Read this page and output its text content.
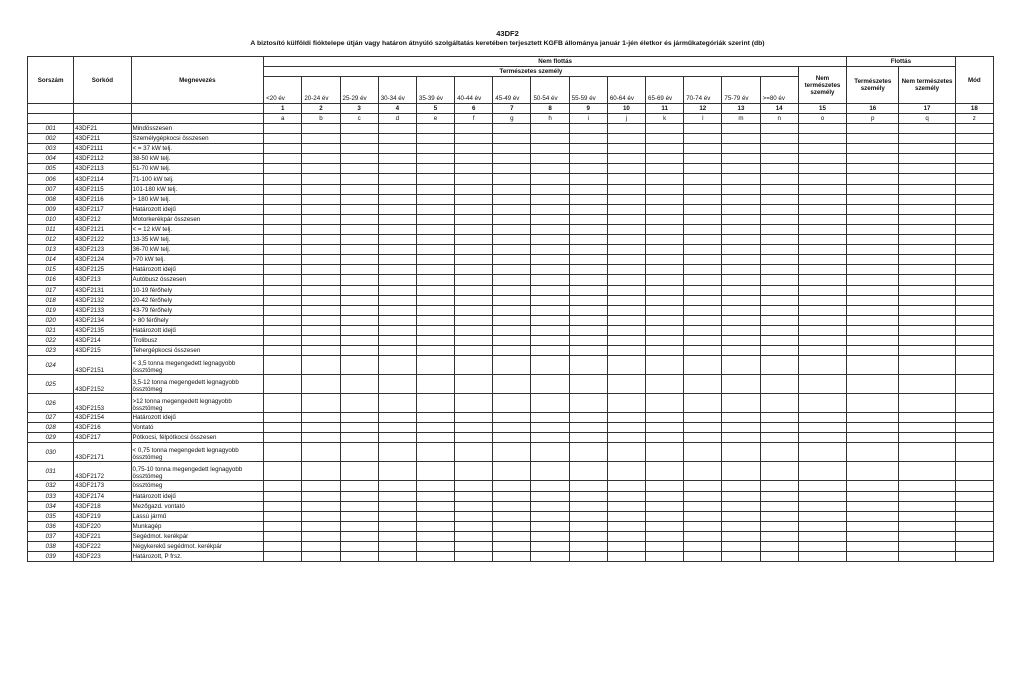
43DF2
A biztosító külföldi fióktelepe útján vagy határon átnyúló szolgáltatás keretében terjesztett KGFB állománya január 1-jén életkor és járműkategóriák szerint (db)
Sorszám	Sorkód	Megnevezés	Nem flottás															Flottás		Mód
			Természetes személy														Nem természetes személy	Természetes személy	Nem természetes személy	
			<20 év	20-24 év	25-29 év	30-34 év	35-39 év	40-44 év	45-49 év	50-54 év	55-59 év	60-64 év	65-69 év	70-74 év	75-79 év	>=80 év				
			1	2	3	4	5	6	7	8	9	10	11	12	13	14	15	16	17	18
			a	b	c	d	e	f	g	h	i	j	k	l	m	n	o	p	q	z
001	43DF21	Mindösszesen																		
002	43DF211	Személygépkocsi összesen																		
003	43DF2111	< = 37 kW telj.																		
004	43DF2112	38-50 kW telj.																		
005	43DF2113	51-70 kW telj.																		
006	43DF2114	71-100 kW telj.																		
007	43DF2115	101-180 kW telj.																		
008	43DF2116	> 180 kW telj.																		
009	43DF2117	Határozott idejű																		
010	43DF212	Motorkerékpár összesen																		
011	43DF2121	< = 12 kW telj.																		
012	43DF2122	13-35 kW telj.																		
013	43DF2123	36-70 kW telj.																		
014	43DF2124	>70 kW telj.																		
015	43DF2125	Határozott idejű																		
016	43DF213	Autóbusz összesen																		
017	43DF2131	10-19 férőhely																		
018	43DF2132	20-42 férőhely																		
019	43DF2133	43-79 férőhely																		
020	43DF2134	> 80 férőhely																		
021	43DF2135	Határozott idejű																		
022	43DF214	Trolibusz																		
023	43DF215	Tehergépkocsi összesen																		
024	43DF2151	< 3,5 tonna megengedett legnagyobb össztömeg																		
025	43DF2152	3,5-12 tonna megengedett legnagyobb össztömeg																		
026	43DF2153	>12 tonna megengedett legnagyobb össztömeg																		
027	43DF2154	Határozott idejű																		
028	43DF216	Vontató																		
029	43DF217	Pótkocsi, félpótkocsi összesen																		
030	43DF2171	< 0,75 tonna megengedett legnagyobb össztömeg																		
031	43DF2172	0,75-10 tonna megengedett legnagyobb össztömeg																		
032	43DF2173	össztömeg																		
033	43DF2174	Határozott idejű																		
034	43DF218	Mezőgazd. vontató																		
035	43DF219	Lassú jármű																		
036	43DF220	Munkagép																		
037	43DF221	Segédmot. kerékpár																		
038	43DF222	Négykerekű segédmot. kerékpár																		
039	43DF223	Határozott, P frsz.																		
